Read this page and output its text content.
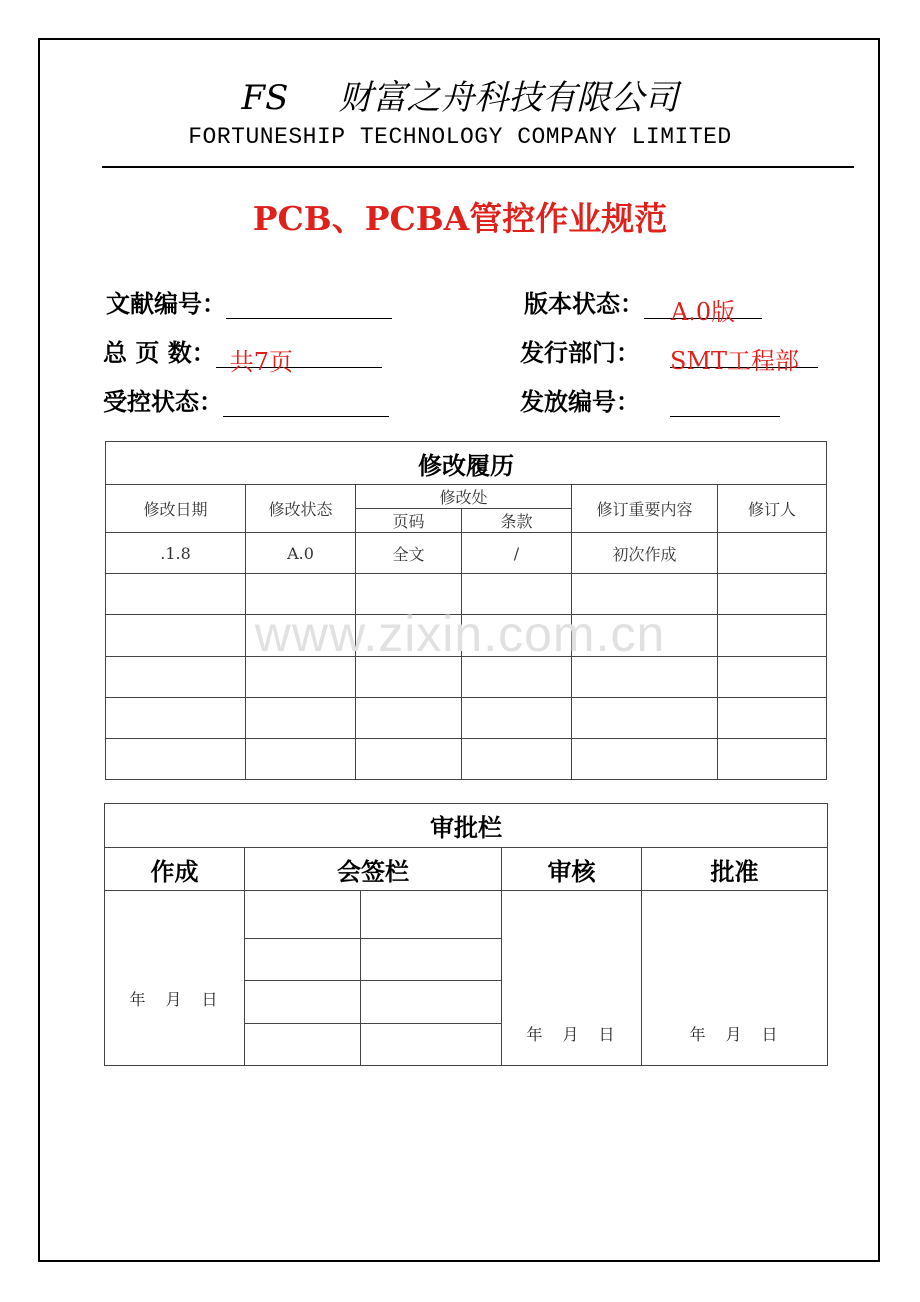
FS 财富之舟科技有限公司
FORTUNESHIP TECHNOLOGY COMPANY LIMITED
PCB、PCBA管控作业规范
文献编号：	版本状态： A.0版
总 页 数： 共7页	发行部门： SMT工程部
受控状态：	发放编号：
修改履历					
修改日期	修改状态	修改处		修订重要内容	修订人
		页码	条款		
.1.8	A.0	全文	/	初次作成	

审批栏				
作成	会签栏		审核	批准
年　月　日			年　月　日	年　月　日

www.zixin.com.cn
